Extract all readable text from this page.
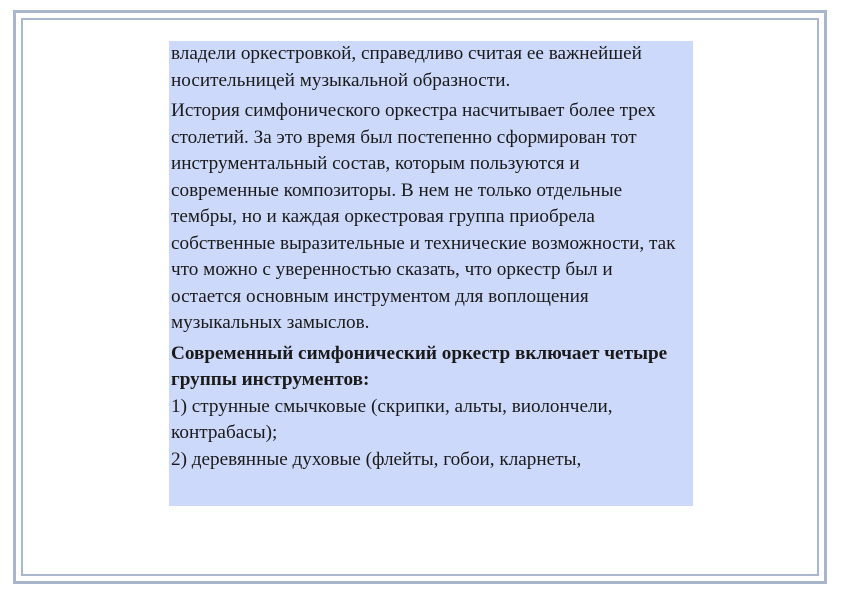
владели оркестровкой, справедливо считая ее важнейшей носительницей музыкальной образности.

История симфонического оркестра насчитывает более трех столетий. За это время был постепенно сформирован тот инструментальный состав, которым пользуются и современные композиторы. В нем не только отдельные тембры, но и каждая оркестровая группа приобрела собственные выразительные и технические возможности, так что можно с уверенностью сказать, что оркестр был и остается основным инструментом для воплощения музыкальных замыслов.

Современный симфонический оркестр включает четыре группы инструментов:

1) струнные смычковые (скрипки, альты, виолончели, контрабасы);

2) деревянные духовые (флейты, гобои, кларнеты,
